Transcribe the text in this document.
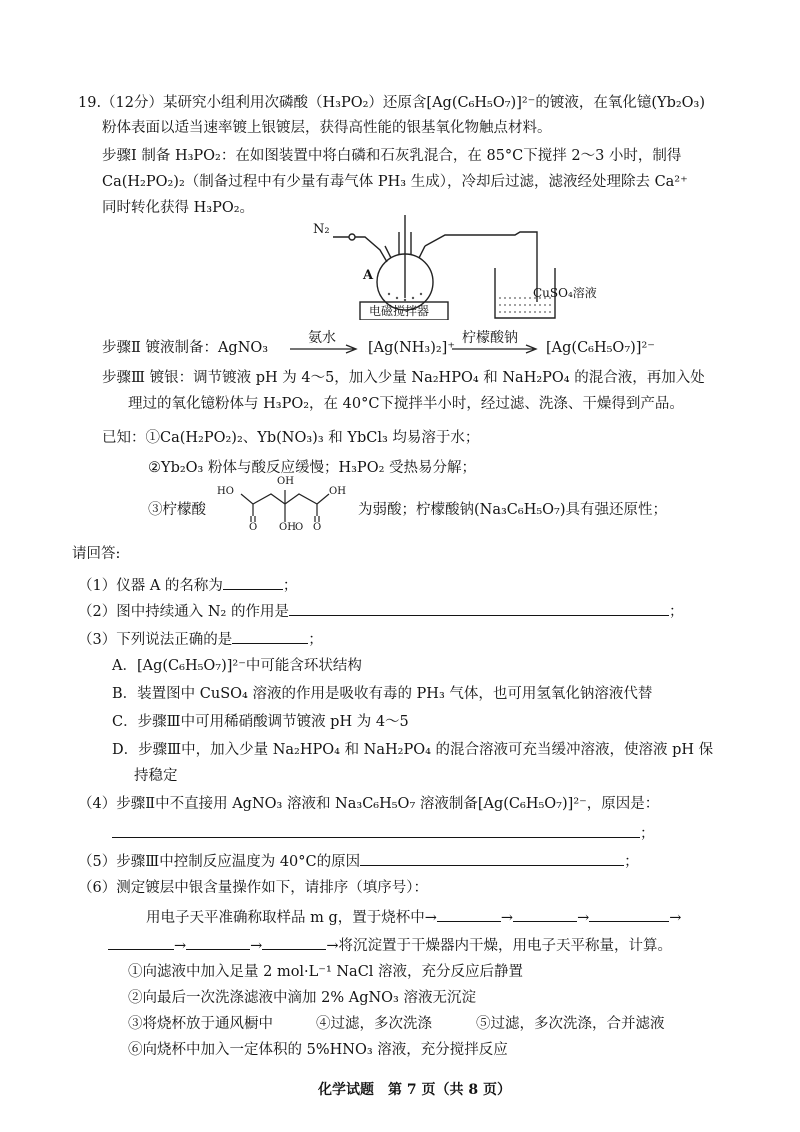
19.（12分）某研究小组利用次磷酸（H₃PO₂）还原含[Ag(C₆H₅O₇)]²⁻的镀液，在氧化镱(Yb₂O₃)
粉体表面以适当速率镀上银镀层，获得高性能的银基氧化物触点材料。
步骤Ⅰ 制备 H₃PO₂：在如图装置中将白磷和石灰乳混合，在 85°C下搅拌 2～3 小时，制得
Ca(H₂PO₂)₂（制备过程中有少量有毒气体 PH₃ 生成），冷却后过滤，滤液经处理除去 Ca²⁺
同时转化获得 H₃PO₂。
N₂
A
电磁搅拌器
CuSO₄溶液
步骤Ⅱ 镀液制备：AgNO₃
氨水
[Ag(NH₃)₂]⁺
柠檬酸钠
[Ag(C₆H₅O₇)]²⁻
步骤Ⅲ 镀银：调节镀液 pH 为 4～5，加入少量 Na₂HPO₄ 和 NaH₂PO₄ 的混合液，再加入处
理过的氧化镱粉体与 H₃PO₂，在 40°C下搅拌半小时，经过滤、洗涤、干燥得到产品。
已知：①Ca(H₂PO₂)₂、Yb(NO₃)₃ 和 YbCl₃ 均易溶于水；
②Yb₂O₃ 粉体与酸反应缓慢；H₃PO₂ 受热易分解；
③柠檬酸
HO
OH
OH
O	O
OH O
为弱酸；柠檬酸钠(Na₃C₆H₅O₇)具有强还原性；
请回答:
（1）仪器 A 的名称为	；
（2）图中持续通入 N₂ 的作用是	；
（3）下列说法正确的是	；
A．[Ag(C₆H₅O₇)]²⁻中可能含环状结构
B．装置图中 CuSO₄ 溶液的作用是吸收有毒的 PH₃ 气体，也可用氢氧化钠溶液代替
C．步骤Ⅲ中可用稀硝酸调节镀液 pH 为 4～5
D．步骤Ⅲ中，加入少量 Na₂HPO₄ 和 NaH₂PO₄ 的混合溶液可充当缓冲溶液，使溶液 pH 保
持稳定
（4）步骤Ⅱ中不直接用 AgNO₃ 溶液和 Na₃C₆H₅O₇ 溶液制备[Ag(C₆H₅O₇)]²⁻，原因是：
；
（5）步骤Ⅲ中控制反应温度为 40°C的原因	；
（6）测定镀层中银含量操作如下，请排序（填序号）：
用电子天平准确称取样品 m g，置于烧杯中→	→	→	→
→	→	→将沉淀置于干燥器内干燥，用电子天平称量，计算。
①向滤液中加入足量 2 mol·L⁻¹ NaCl 溶液，充分反应后静置
②向最后一次洗涤滤液中滴加 2% AgNO₃ 溶液无沉淀
③将烧杯放于通风橱中	④过滤，多次洗涤	⑤过滤，多次洗涤，合并滤液
⑥向烧杯中加入一定体积的 5%HNO₃ 溶液，充分搅拌反应
化学试题　第 7 页（共 8 页）
